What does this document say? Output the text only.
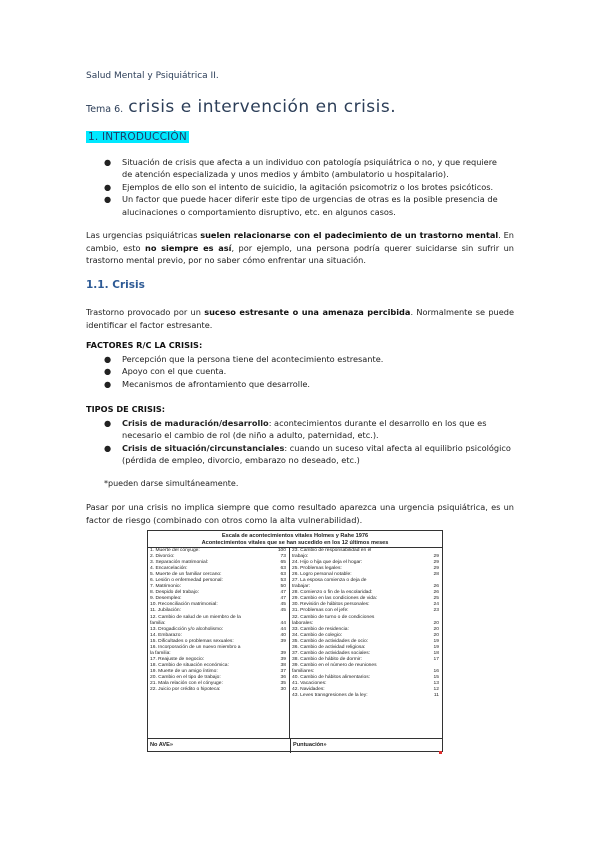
Salud Mental y Psiquiátrica II.
Tema 6. crisis e intervención en crisis.
1. INTRODUCCIÓN
● Situación de crisis que afecta a un individuo con patología psiquiátrica o no, y que requiere
de atención especializada y unos medios y ámbito (ambulatorio u hospitalario).
● Ejemplos de ello son el intento de suicidio, la agitación psicomotriz o los brotes psicóticos.
● Un factor que puede hacer diferir este tipo de urgencias de otras es la posible presencia de
alucinaciones o comportamiento disruptivo, etc. en algunos casos.

Las urgencias psiquiátricas suelen relacionarse con el padecimiento de un trastorno mental. En cambio, esto no siempre es así, por ejemplo, una persona podría querer suicidarse sin sufrir un trastorno mental previo, por no saber cómo enfrentar una situación.

1.1. Crisis

Trastorno provocado por un suceso estresante o una amenaza percibida. Normalmente se puede identificar el factor estresante.

FACTORES R/C LA CRISIS:
● Percepción que la persona tiene del acontecimiento estresante.
● Apoyo con el que cuenta.
● Mecanismos de afrontamiento que desarrolle.
TIPOS DE CRISIS:
● Crisis de maduración/desarrollo: acontecimientos durante el desarrollo en los que es
necesario el cambio de rol (de niño a adulto, paternidad, etc.).
● Crisis de situación/circunstanciales: cuando un suceso vital afecta al equilibrio psicológico
(pérdida de empleo, divorcio, embarazo no deseado, etc.)
*pueden darse simultáneamente.

Pasar por una crisis no implica siempre que como resultado aparezca una urgencia psiquiátrica, es un factor de riesgo (combinado con otros como la alta vulnerabilidad).

Escala de acontecimientos vitales Holmes y Rahe 1976
Acontecimientos vitales que se han sucedido en los 12 últimos meses
1. Muerte del cónyuge:	100
2. Divorcio:	73
3. Separación matrimonial:	65
4. Encarcelación:	63
5. Muerte de un familiar cercano:	63
6. Lesión o enfermedad personal:	53
7. Matrimonio:	50
8. Despido del trabajo:	47
9. Desempleo:	47
10. Reconciliación matrimonial:	45
11. Jubilación:	45
12. Cambio de salud de un miembro de la
familia:	44
13. Drogadicción y/o alcoholismo:	44
14. Embarazo:	40
15. Dificultades o problemas sexuales:	39
16. Incorporación de un nuevo miembro a
la familia:	39
17. Reajuste de negocio:	39
18. Cambio de situación económica:	38
19. Muerte de un amigo íntimo:	37
20. Cambio en el tipo de trabajo:	36
21. Mala relación con el cónyuge:	35
22. Juicio por crédito o hipoteca:	30
23. Cambio de responsabilidad en el
trabajo:	29
24. Hijo o hija que deja el hogar:	29
25. Problemas legales:	29
26. Logro personal notable:	28
27. La esposa comienza o deja de
trabajar:	26
28. Comienzo o fin de la escolaridad:	26
29. Cambio en las condiciones de vida:	25
30. Revisión de hábitos personales:	24
31. Problemas con el jefe:	23
32. Cambio de turno o de condiciones
laborales:	20
33. Cambio de residencia:	20
34. Cambio de colegio:	20
35. Cambio de actividades de ocio:	19
36. Cambio de actividad religiosa:	19
37. Cambio de actividades sociales:	18
38. Cambio de hábito de dormir:	17
39. Cambio en el número de reuniones
familiares:	16
40. Cambio de hábitos alimentarios:	15
41. Vacaciones:	13
42. Navidades:	12
43. Leves transgresiones de la ley:	11
No AVE»	Puntuación»
